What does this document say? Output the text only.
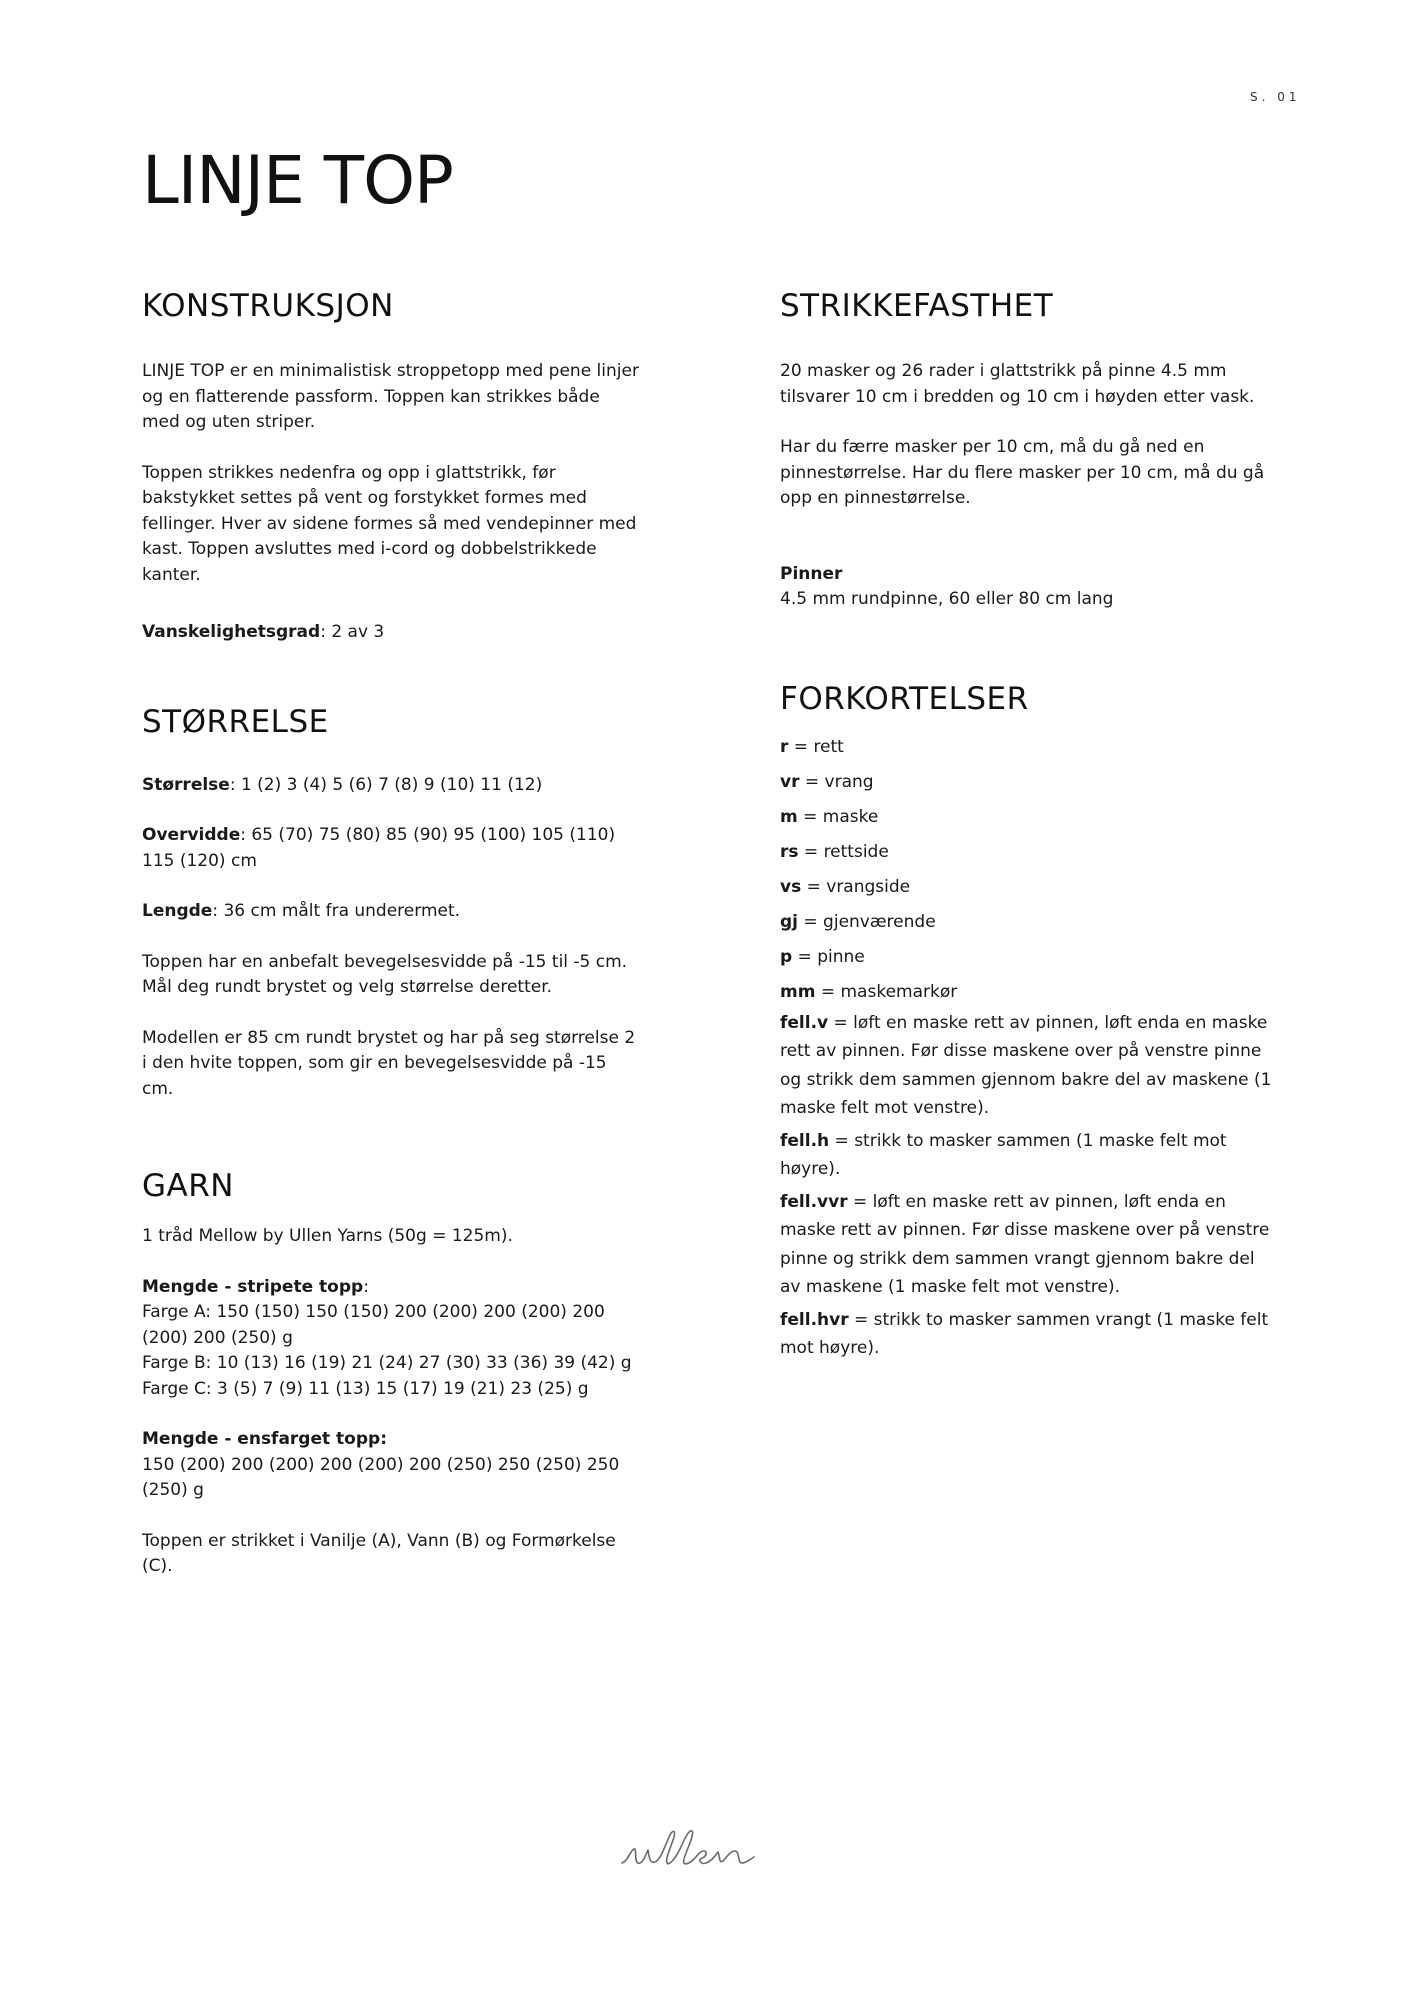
S. 01
LINJE TOP
KONSTRUKSJON

LINJE TOP er en minimalistisk stroppetopp med pene linjer og en flatterende passform. Toppen kan strikkes både med og uten striper.

Toppen strikkes nedenfra og opp i glattstrikk, før bakstykket settes på vent og forstykket formes med fellinger. Hver av sidene formes så med vendepinner med kast. Toppen avsluttes med i-cord og dobbelstrikkede kanter.

Vanskelighetsgrad: 2 av 3

STØRRELSE

Størrelse: 1 (2) 3 (4) 5 (6) 7 (8) 9 (10) 11 (12)

Overvidde: 65 (70) 75 (80) 85 (90) 95 (100) 105 (110) 115 (120) cm

Lengde: 36 cm målt fra underermet.

Toppen har en anbefalt bevegelsesvidde på -15 til -5 cm. Mål deg rundt brystet og velg størrelse deretter.

Modellen er 85 cm rundt brystet og har på seg størrelse 2 i den hvite toppen, som gir en bevegelsesvidde på -15 cm.

GARN

1 tråd Mellow by Ullen Yarns (50g = 125m).

Mengde - stripete topp:
Farge A: 150 (150) 150 (150) 200 (200) 200 (200) 200 (200) 200 (250) g
Farge B: 10 (13) 16 (19) 21 (24) 27 (30) 33 (36) 39 (42) g
Farge C: 3 (5) 7 (9) 11 (13) 15 (17) 19 (21) 23 (25) g

Mengde - ensfarget topp:
150 (200) 200 (200) 200 (200) 200 (250) 250 (250) 250 (250) g

Toppen er strikket i Vanilje (A), Vann (B) og Formørkelse (C).

STRIKKEFASTHET

20 masker og 26 rader i glattstrikk på pinne 4.5 mm tilsvarer 10 cm i bredden og 10 cm i høyden etter vask.

Har du færre masker per 10 cm, må du gå ned en pinnestørrelse. Har du flere masker per 10 cm, må du gå opp en pinnestørrelse.

Pinner
4.5 mm rundpinne, 60 eller 80 cm lang

FORKORTELSER

r = rett

vr = vrang

m = maske

rs = rettside

vs = vrangside

gj = gjenværende

p = pinne

mm = maskemarkør

fell.v = løft en maske rett av pinnen, løft enda en maske rett av pinnen. Før disse maskene over på venstre pinne og strikk dem sammen gjennom bakre del av maskene (1 maske felt mot venstre).

fell.h = strikk to masker sammen (1 maske felt mot høyre).

fell.vvr = løft en maske rett av pinnen, løft enda en maske rett av pinnen. Før disse maskene over på venstre pinne og strikk dem sammen vrangt gjennom bakre del av maskene (1 maske felt mot venstre).

fell.hvr = strikk to masker sammen vrangt (1 maske felt mot høyre).
